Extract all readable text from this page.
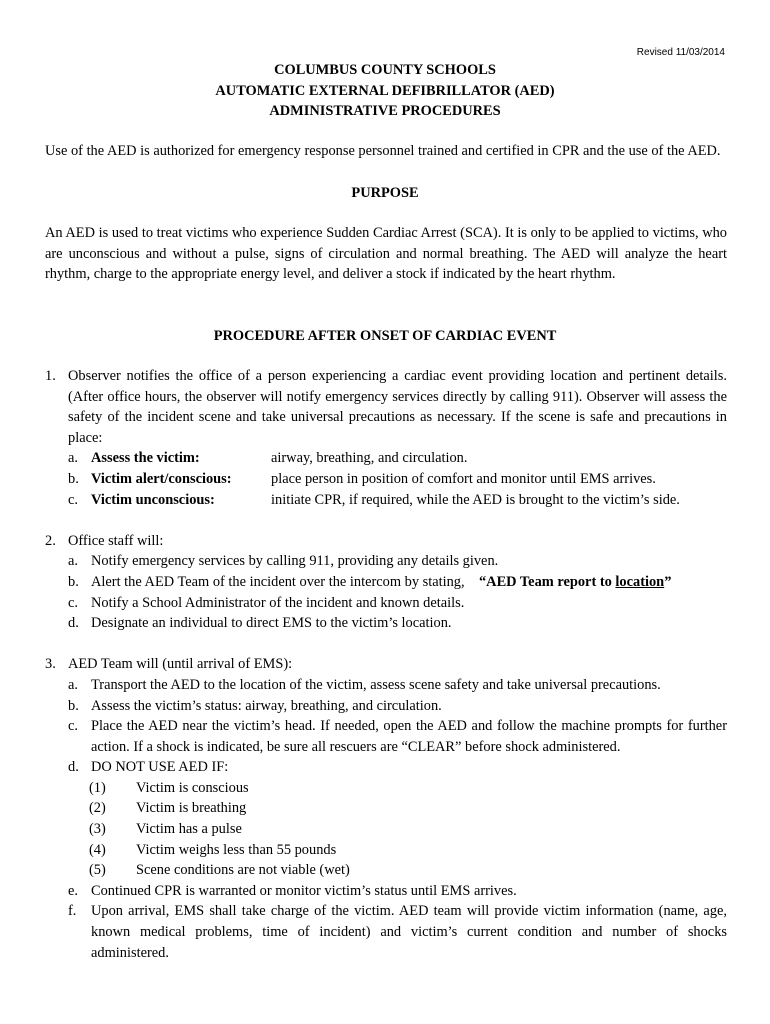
Revised 11/03/2014
COLUMBUS COUNTY SCHOOLS
AUTOMATIC EXTERNAL DEFIBRILLATOR (AED)
ADMINISTRATIVE PROCEDURES
Use of the AED is authorized for emergency response personnel trained and certified in CPR and the use of the AED.
PURPOSE
An AED is used to treat victims who experience Sudden Cardiac Arrest (SCA). It is only to be applied to victims, who are unconscious and without a pulse, signs of circulation and normal breathing. The AED will analyze the heart rhythm, charge to the appropriate energy level, and deliver a stock if indicated by the heart rhythm.
PROCEDURE AFTER ONSET OF CARDIAC EVENT
1. Observer notifies the office of a person experiencing a cardiac event providing location and pertinent details. (After office hours, the observer will notify emergency services directly by calling 911). Observer will assess the safety of the incident scene and take universal precautions as necessary. If the scene is safe and precautions in place:
a. Assess the victim:	airway, breathing, and circulation.
b. Victim alert/conscious:	place person in position of comfort and monitor until EMS arrives.
c. Victim unconscious:	initiate CPR, if required, while the AED is brought to the victim’s side.
2. Office staff will:
a. Notify emergency services by calling 911, providing any details given.
b. Alert the AED Team of the incident over the intercom by stating, “AED Team report to location”
c. Notify a School Administrator of the incident and known details.
d. Designate an individual to direct EMS to the victim’s location.
3. AED Team will (until arrival of EMS):
a. Transport the AED to the location of the victim, assess scene safety and take universal precautions.
b. Assess the victim’s status: airway, breathing, and circulation.
c. Place the AED near the victim’s head. If needed, open the AED and follow the machine prompts for further action. If a shock is indicated, be sure all rescuers are “CLEAR” before shock administered.
d. DO NOT USE AED IF:
(1) Victim is conscious
(2) Victim is breathing
(3) Victim has a pulse
(4) Victim weighs less than 55 pounds
(5) Scene conditions are not viable (wet)
e. Continued CPR is warranted or monitor victim’s status until EMS arrives.
f. Upon arrival, EMS shall take charge of the victim. AED team will provide victim information (name, age, known medical problems, time of incident) and victim’s current condition and number of shocks administered.
